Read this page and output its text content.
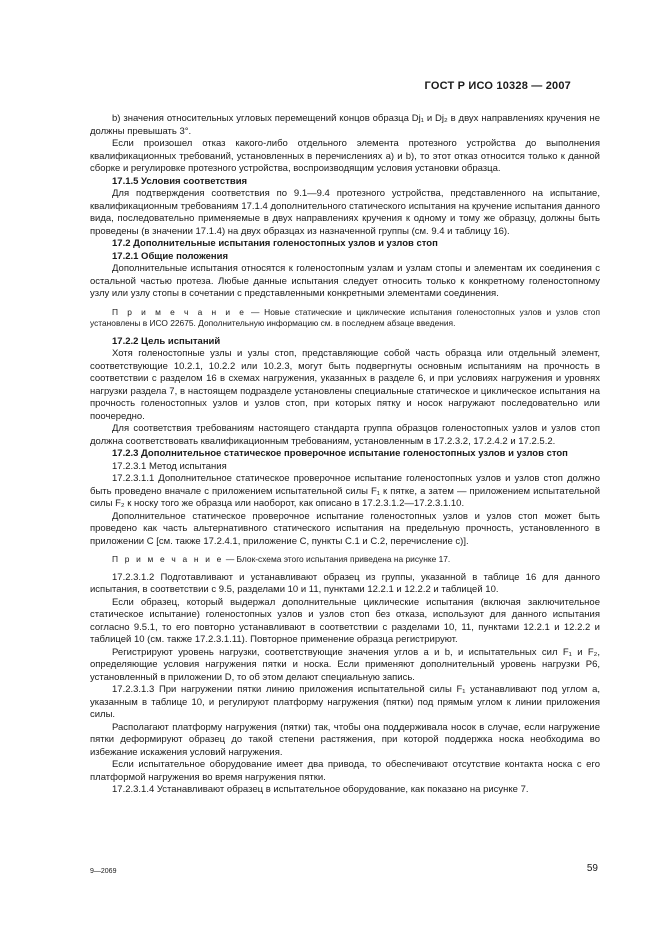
ГОСТ Р ИСО 10328 — 2007

b) значения относительных угловых перемещений концов образца Dj₁ и Dj₂ в двух направлениях кручения не должны превышать 3°.

Если произошел отказ какого-либо отдельного элемента протезного устройства до выполнения квалификационных требований, установленных в перечислениях a) и b), то этот отказ относится только к данной сборке и регулировке протезного устройства, воспроизводящим условия установки образца.

17.1.5 Условия соответствия

Для подтверждения соответствия по 9.1—9.4 протезного устройства, представленного на испытание, квалификационным требованиям 17.1.4 дополнительного статического испытания на кручение испытания данного вида, последовательно применяемые в двух направлениях кручения к одному и тому же образцу, должны быть проведены (в значении 17.1.4) на двух образцах из назначенной группы (см. 9.4 и таблицу 16).

17.2 Дополнительные испытания голеностопных узлов и узлов стоп

17.2.1 Общие положения

Дополнительные испытания относятся к голеностопным узлам и узлам стопы и элементам их соединения с остальной частью протеза. Любые данные испытания следует относить только к конкретному голеностопному узлу или узлу стопы в сочетании с представленными конкретными элементами соединения.

П р и м е ч а н и е — Новые статические и циклические испытания голеностопных узлов и узлов стоп установлены в ИСО 22675. Дополнительную информацию см. в последнем абзаце введения.

17.2.2 Цель испытаний

Хотя голеностопные узлы и узлы стоп, представляющие собой часть образца или отдельный элемент, соответствующие 10.2.1, 10.2.2 или 10.2.3, могут быть подвергнуты основным испытаниям на прочность в соответствии с разделом 16 в схемах нагружения, указанных в разделе 6, и при условиях нагружения и уровнях нагрузки раздела 7, в настоящем подразделе установлены специальные статическое и циклическое испытания на прочность голеностопных узлов и узлов стоп, при которых пятку и носок нагружают последовательно или поочередно.

Для соответствия требованиям настоящего стандарта группа образцов голеностопных узлов и узлов стоп должна соответствовать квалификационным требованиям, установленным в 17.2.3.2, 17.2.4.2 и 17.2.5.2.

17.2.3 Дополнительное статическое проверочное испытание голеностопных узлов и узлов стоп

17.2.3.1 Метод испытания

17.2.3.1.1 Дополнительное статическое проверочное испытание голеностопных узлов и узлов стоп должно быть проведено вначале с приложением испытательной силы F₁ к пятке, а затем — приложением испытательной силы F₂ к носку того же образца или наоборот, как описано в 17.2.3.1.2—17.2.3.1.10.

Дополнительное статическое проверочное испытание голеностопных узлов и узлов стоп может быть проведено как часть альтернативного статического испытания на предельную прочность, установленного в приложении C [см. также 17.2.4.1, приложение C, пункты C.1 и C.2, перечисление c)].

П р и м е ч а н и е — Блок-схема этого испытания приведена на рисунке 17.

17.2.3.1.2 Подготавливают и устанавливают образец из группы, указанной в таблице 16 для данного испытания, в соответствии с 9.5, разделами 10 и 11, пунктами 12.2.1 и 12.2.2 и таблицей 10.

Если образец, который выдержал дополнительные циклические испытания (включая заключительное статическое испытание) голеностопных узлов и узлов стоп без отказа, используют для данного испытания согласно 9.5.1, то его повторно устанавливают в соответствии с разделами 10, 11, пунктами 12.2.1 и 12.2.2 и таблицей 10 (см. также 17.2.3.1.11). Повторное применение образца регистрируют.

Регистрируют уровень нагрузки, соответствующие значения углов a и b, и испытательных сил F₁ и F₂, определяющие условия нагружения пятки и носка. Если применяют дополнительный уровень нагрузки P6, установленный в приложении D, то об этом делают специальную запись.

17.2.3.1.3 При нагружении пятки линию приложения испытательной силы F₁ устанавливают под углом a, указанным в таблице 10, и регулируют платформу нагружения (пятки) под прямым углом к линии приложения силы.

Располагают платформу нагружения (пятки) так, чтобы она поддерживала носок в случае, если нагружение пятки деформируют образец до такой степени растяжения, при которой поддержка носка необходима во избежание искажения условий нагружения.

Если испытательное оборудование имеет два привода, то обеспечивают отсутствие контакта носка с его платформой нагружения во время нагружения пятки.

17.2.3.1.4 Устанавливают образец в испытательное оборудование, как показано на рисунке 7.

9—2069	59
